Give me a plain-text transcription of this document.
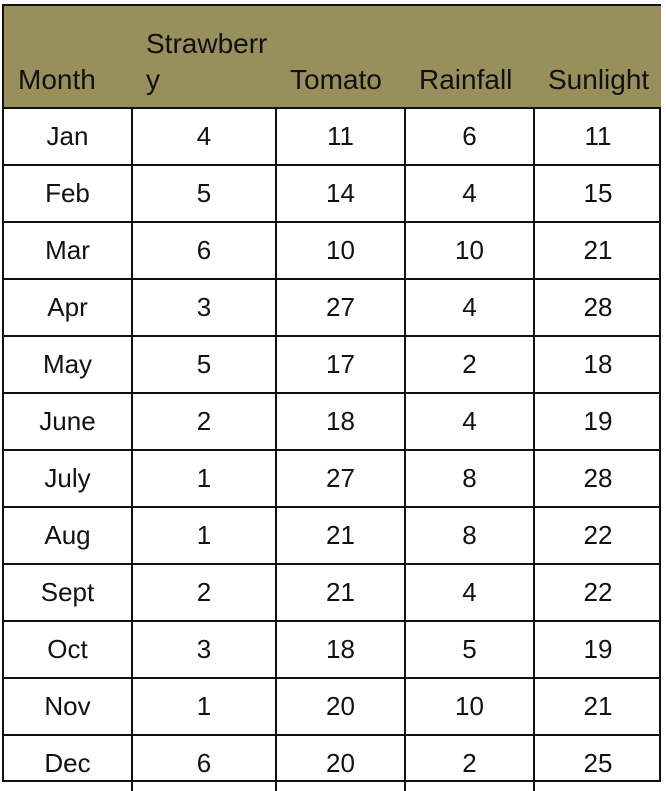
Month	Strawberry	Tomato	Rainfall	Sunlight
Jan	4	11	6	11
Feb	5	14	4	15
Mar	6	10	10	21
Apr	3	27	4	28
May	5	17	2	18
June	2	18	4	19
July	1	27	8	28
Aug	1	21	8	22
Sept	2	21	4	22
Oct	3	18	5	19
Nov	1	20	10	21
Dec	6	20	2	25
